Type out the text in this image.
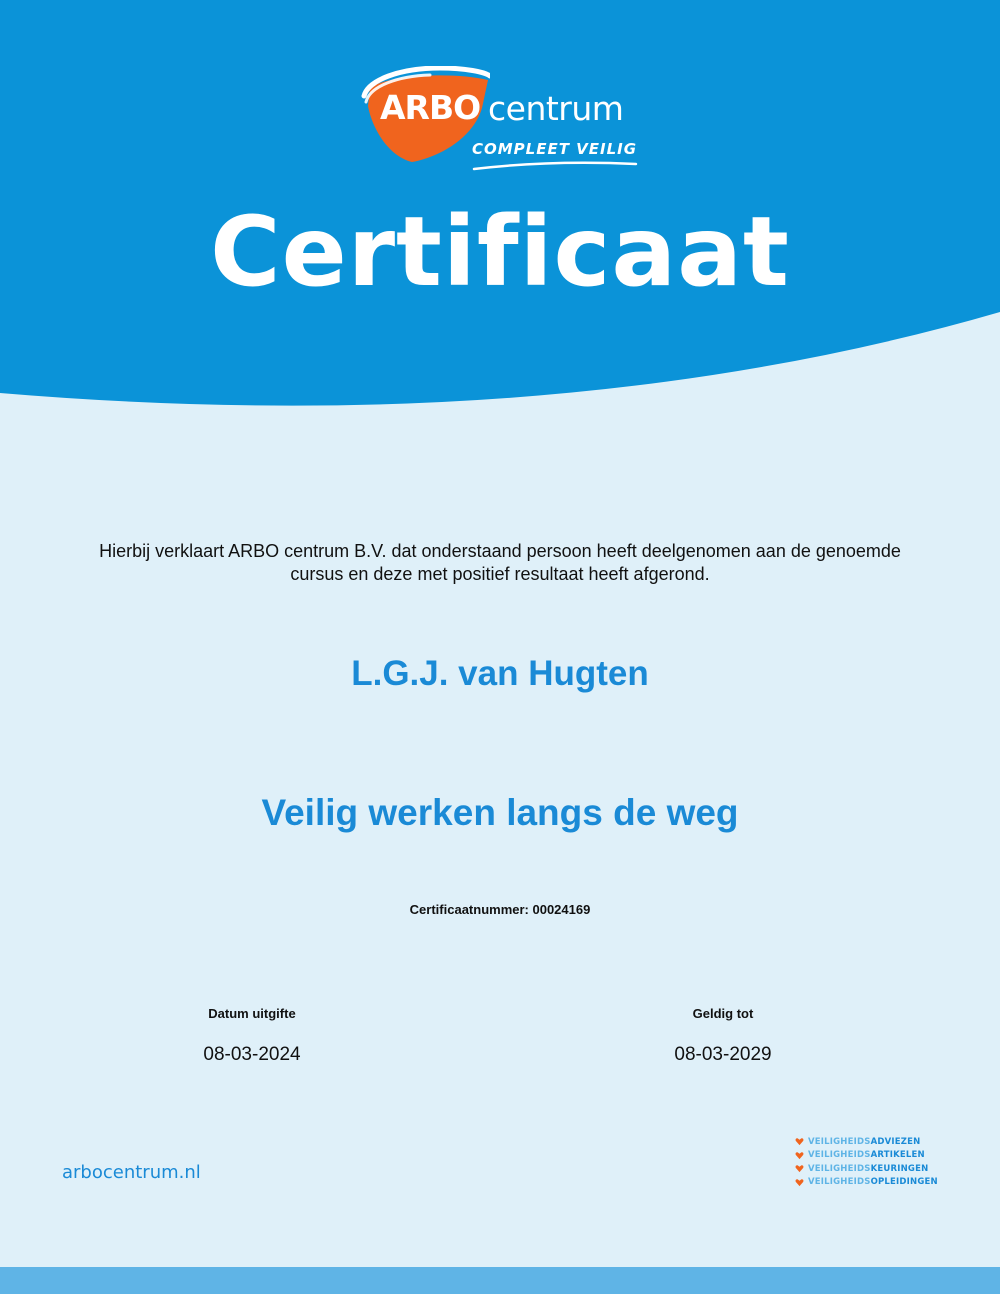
ARBO centrum
COMPLEET VEILIG
Certificaat
Hierbij verklaart ARBO centrum B.V. dat onderstaand persoon heeft deelgenomen aan de genoemde
cursus en deze met positief resultaat heeft afgerond.
L.G.J. van Hugten
Veilig werken langs de weg
Certificaatnummer: 00024169
Datum uitgifte
08-03-2024
Geldig tot
08-03-2029
arbocentrum.nl
VEILIGHEIDS ADVIEZEN
VEILIGHEIDS ARTIKELEN
VEILIGHEIDS KEURINGEN
VEILIGHEIDS OPLEIDINGEN
